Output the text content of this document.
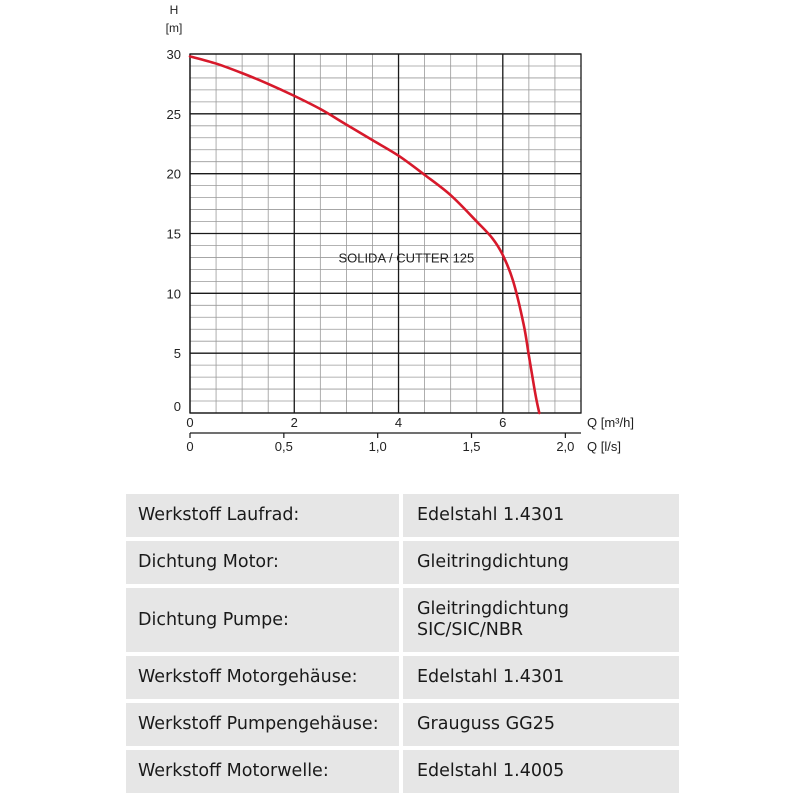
0
5
10
15
20
25
30
H
[m]
0	2	4	6	Q [m³/h]
0	0,5	1,0	1,5	2,0 Q [l/s]
SOLIDA / CUTTER 125
Werkstoff Laufrad:	Edelstahl 1.4301

Dichtung Motor:	Gleitringdichtung

Dichtung Pumpe:	Gleitringdichtung
SIC/SIC/NBR

Werkstoff Motorgehäuse:	Edelstahl 1.4301

Werkstoff Pumpengehäuse:	Grauguss GG25

Werkstoff Motorwelle:	Edelstahl 1.4005
